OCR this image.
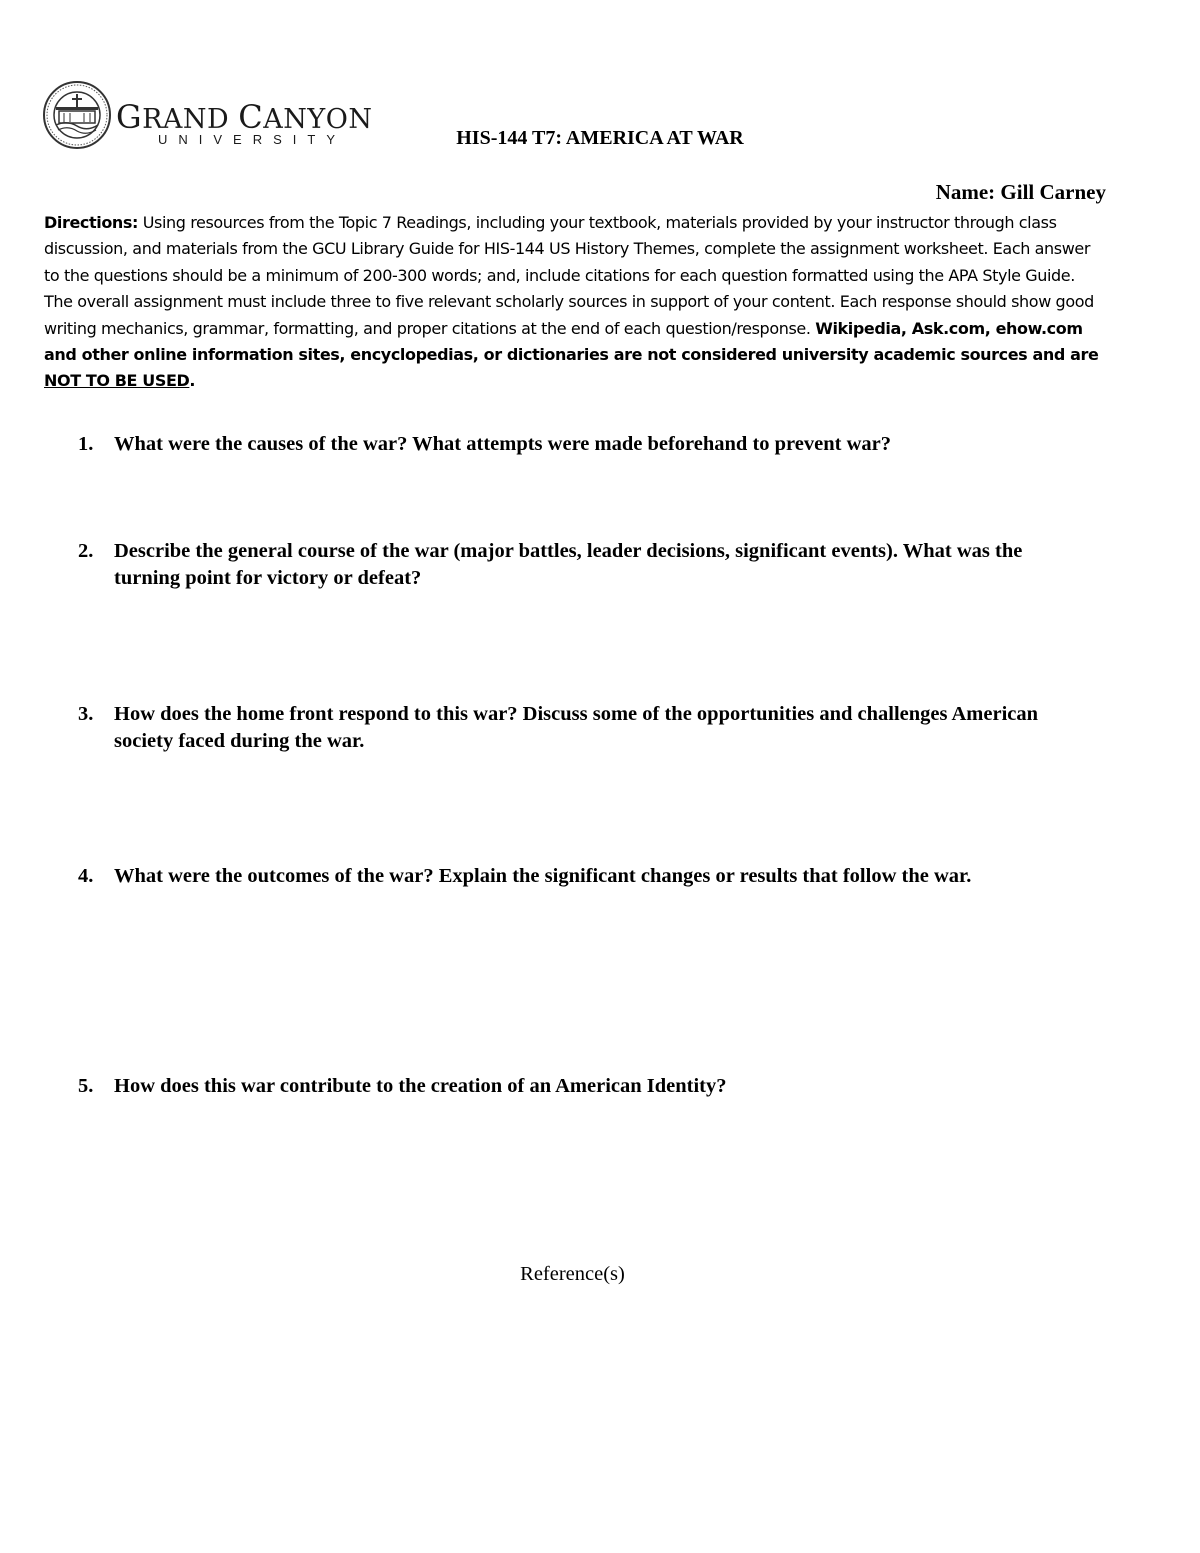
GRAND CANYON
UNIVERSITY	HIS-144 T7: AMERICA AT WAR
Name: Gill Carney
Directions: Using resources from the Topic 7 Readings, including your textbook, materials provided by your instructor through class discussion, and materials from the GCU Library Guide for HIS-144 US History Themes, complete the assignment worksheet. Each answer to the questions should be a minimum of 200-300 words; and, include citations for each question formatted using the APA Style Guide. The overall assignment must include three to five relevant scholarly sources in support of your content. Each response should show good writing mechanics, grammar, formatting, and proper citations at the end of each question/response. Wikipedia, Ask.com, ehow.com and other online information sites, encyclopedias, or dictionaries are not considered university academic sources and are NOT TO BE USED.
1. What were the causes of the war? What attempts were made beforehand to prevent war?
2. Describe the general course of the war (major battles, leader decisions, significant events). What was the turning point for victory or defeat?
3. How does the home front respond to this war? Discuss some of the opportunities and challenges American society faced during the war.
4. What were the outcomes of the war? Explain the significant changes or results that follow the war.
5. How does this war contribute to the creation of an American Identity?
Reference(s)
